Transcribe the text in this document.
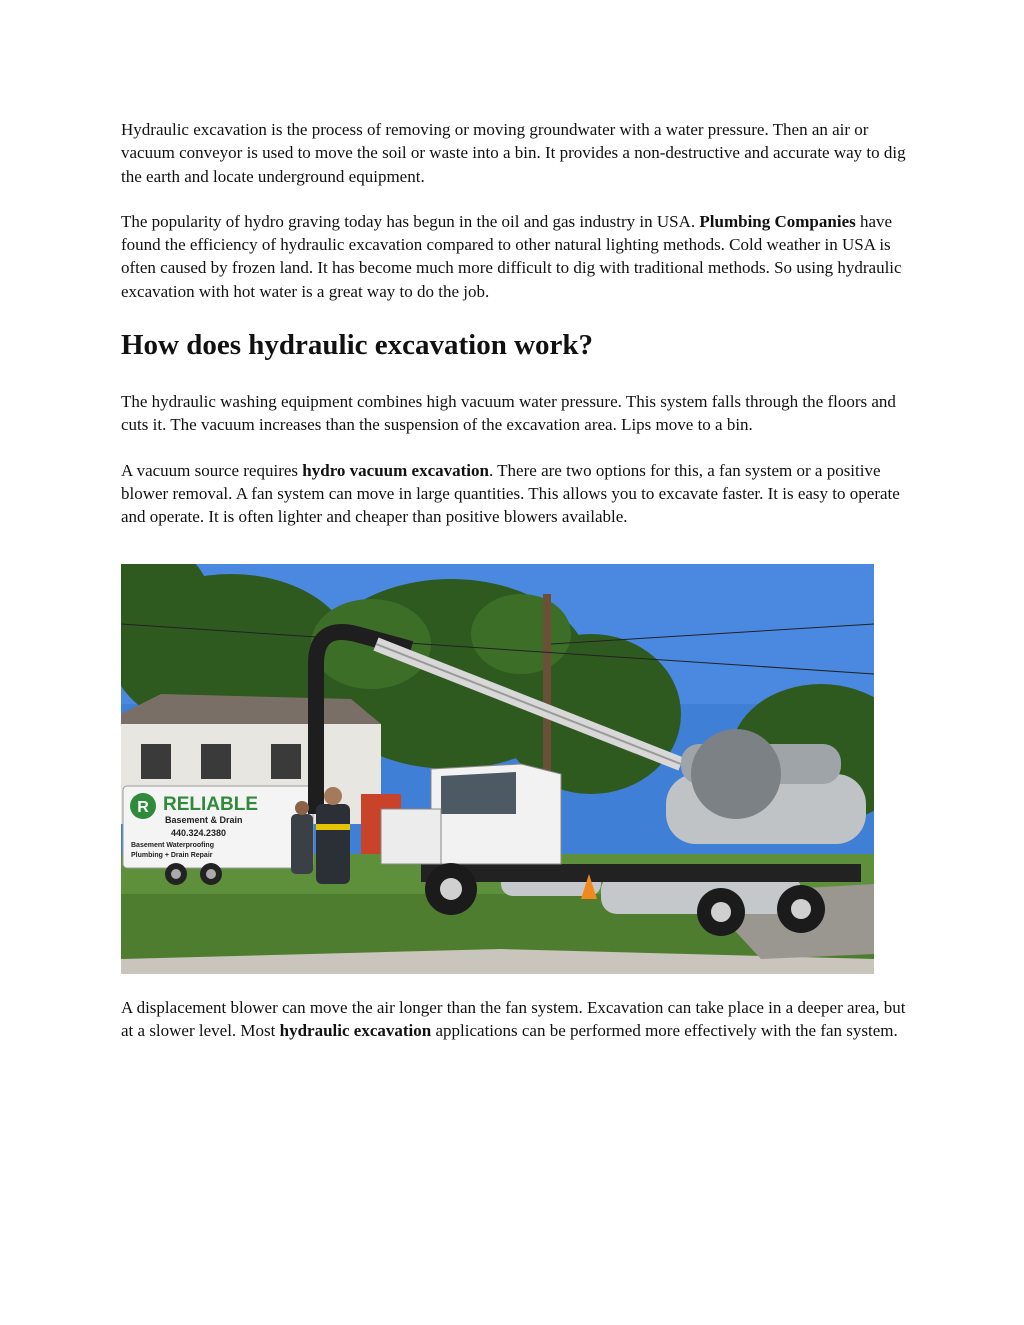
Hydraulic excavation is the process of removing or moving groundwater with a water pressure. Then an air or vacuum conveyor is used to move the soil or waste into a bin. It provides a non-destructive and accurate way to dig the earth and locate underground equipment.

The popularity of hydro graving today has begun in the oil and gas industry in USA. Plumbing Companies have found the efficiency of hydraulic excavation compared to other natural lighting methods. Cold weather in USA is often caused by frozen land. It has become much more difficult to dig with traditional methods. So using hydraulic excavation with hot water is a great way to do the job.

How does hydraulic excavation work?

The hydraulic washing equipment combines high vacuum water pressure. This system falls through the floors and cuts it. The vacuum increases than the suspension of the excavation area. Lips move to a bin.

A vacuum source requires hydro vacuum excavation. There are two options for this, a fan system or a positive blower removal. A fan system can move in large quantities. This allows you to excavate faster. It is easy to operate and operate. It is often lighter and cheaper than positive blowers available.

R RELIABLE
Basement & Drain
440.324.2380
Basement Waterproofing
Plumbing + Drain Repair

A displacement blower can move the air longer than the fan system. Excavation can take place in a deeper area, but at a slower level. Most hydraulic excavation applications can be performed more effectively with the fan system.
